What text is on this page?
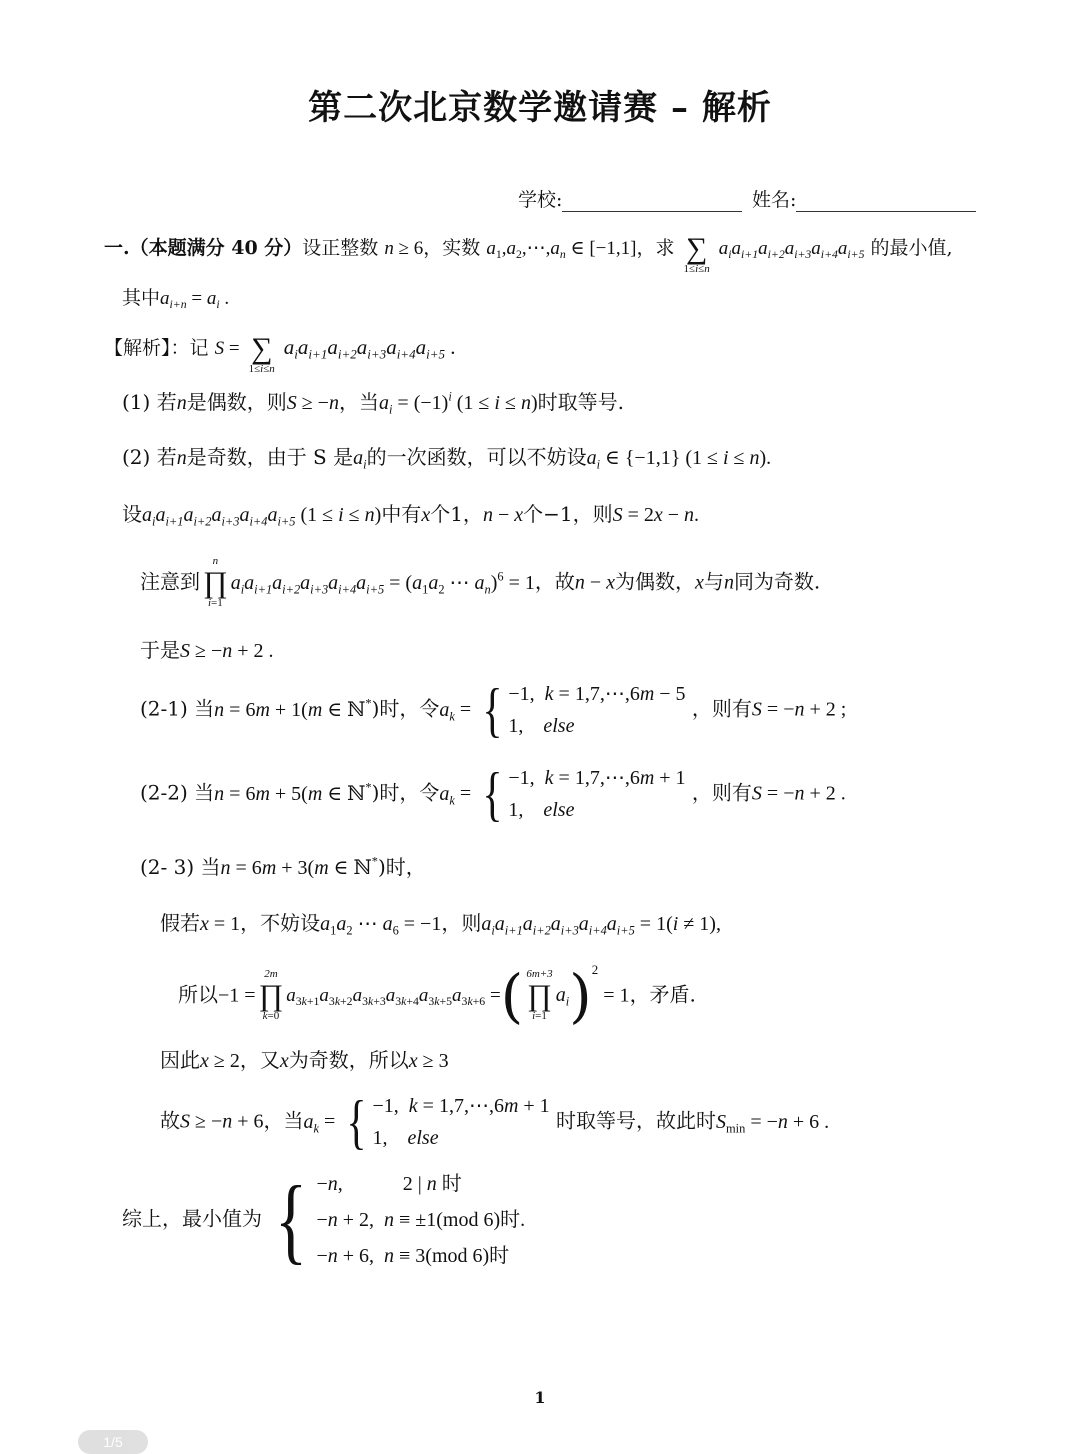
第二次北京数学邀请赛 – 解析
学校:	姓名:
一.（本题满分 40 分）设正整数 n ≥ 6，实数 $a_1,a_2,\cdots,a_n$ ∈ [−1,1]，求 ∑
1≤i≤n
$a_ia_{i+1}a_{i+2}a_{i+3}a_{i+4}a_{i+5}$ 的最小值,
其中$a_{i+n} = a_i$ .
【解析】：记 S = ∑
1≤i≤n
$a_ia_{i+1}a_{i+2}a_{i+3}a_{i+4}a_{i+5}$ .
(1) 若n是偶数，则S ≥ −n，当$a_i = (-1)^i$ (1 ≤ i ≤ n)时取等号.
(2) 若n是奇数，由于 S 是$a_i$的一次函数，可以不妨设$a_i$ ∈ {−1,1} (1 ≤ i ≤ n).
设$a_ia_{i+1}a_{i+2}a_{i+3}a_{i+4}a_{i+5}$ (1 ≤ i ≤ n)中有x个1，n − x个−1，则S = 2x − n.
注意到
n
∏
i=1
$a_ia_{i+1}a_{i+2}a_{i+3}a_{i+4}a_{i+5} = (a_1a_2$ ⋯ $a_n)^6 = 1$，故n − x为偶数，x与n同为奇数.
于是S ≥ −n + 2 .
(2-1) 当n = 6m + 1(m ∈ ℕ*)时，令$a_k$ = { −1,  k = 1,7,⋯,6m − 5
1,    else
，则有S = −n + 2 ;
(2-2) 当n = 6m + 5(m ∈ ℕ*)时，令$a_k$ = { −1,  k = 1,7,⋯,6m + 1
1,    else
，则有S = −n + 2 .
(2- 3) 当n = 6m + 3(m ∈ ℕ*)时，
假若x = 1，不妨设$a_1a_2$ ⋯ $a_6 = -1$，则$a_ia_{i+1}a_{i+2}a_{i+3}a_{i+4}a_{i+5} = 1(i \ne 1)$,
所以−1 =
2m
∏
k=0
$a_{3k+1}a_{3k+2}a_{3k+3}a_{3k+4}a_{3k+5}a_{3k+6}$ =( 6m+3
∏
i=1
$a_i)^2 = 1$，矛盾.
因此x ≥ 2，又x为奇数，所以x ≥ 3
故S ≥ −n + 6，当$a_k$ = { −1,  k = 1,7,⋯,6m + 1
1,    else
时取等号，故此时$S_{min} = -n + 6$ .
综上，最小值为 { −n,            2 | n 时
−n + 2,  n ≡ ±1(mod 6)时.
−n + 6,  n ≡ 3(mod 6)时
1
1/5
